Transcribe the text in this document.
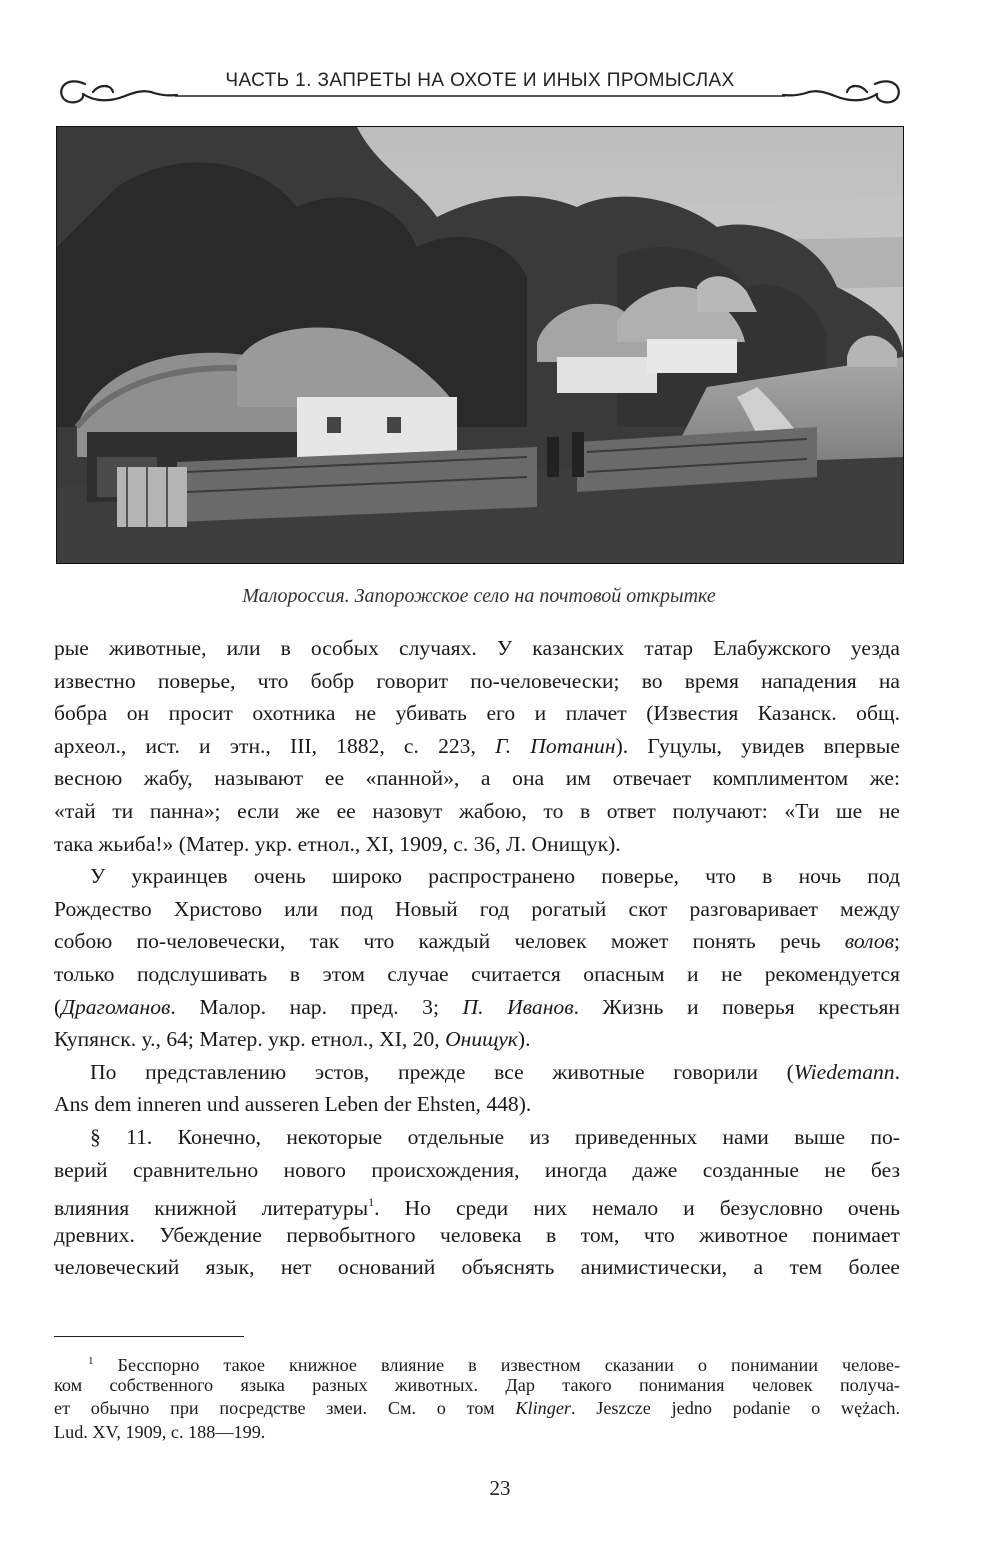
ЧАСТЬ 1. ЗАПРЕТЫ НА ОХОТЕ И ИНЫХ ПРОМЫСЛАХ
Малороссия. Запорожское село на почтовой открытке
рые животные, или в особых случаях. У казанских татар Елабужского уезда
известно поверье, что бобр говорит по-человечески; во время нападения на
бобра он просит охотника не убивать его и плачет (Известия Казанск. общ.
археол., ист. и этн., III, 1882, с. 223, Г. Потанин). Гуцулы, увидев впервые
весною жабу, называют ее «панной», а она им отвечает комплиментом же:
«тай ти панна»; если же ее назовут жабою, то в ответ получают: «Ти ше не
така жьиба!» (Матер. укр. етнол., XI, 1909, с. 36, Л. Онищук).
У украинцев очень широко распространено поверье, что в ночь под
Рождество Христово или под Новый год рогатый скот разговаривает между
собою по-человечески, так что каждый человек может понять речь волов;
только подслушивать в этом случае считается опасным и не рекомендуется
(Драгоманов. Малор. нар. пред. 3; П. Иванов. Жизнь и поверья крестьян
Купянск. у., 64; Матер. укр. етнол., XI, 20, Онищук).
По представлению эстов, прежде все животные говорили (Wiedemann.
Ans dem inneren und ausseren Leben der Ehsten, 448).
§ 11. Конечно, некоторые отдельные из приведенных нами выше по-
верий сравнительно нового происхождения, иногда даже созданные не без
влияния книжной литературы$^1$. Но среди них немало и безусловно очень
древних. Убеждение первобытного человека в том, что животное понимает
человеческий язык, нет оснований объяснять анимистически, а тем более
$^1$ Бесспорно такое книжное влияние в известном сказании о понимании челове-
ком собственного языка разных животных. Дар такого понимания человек получа-
ет обычно при посредстве змеи. См. о том Klinger. Jeszcze jedno podanie o wężach.
Lud. XV, 1909, с. 188—199.
23
